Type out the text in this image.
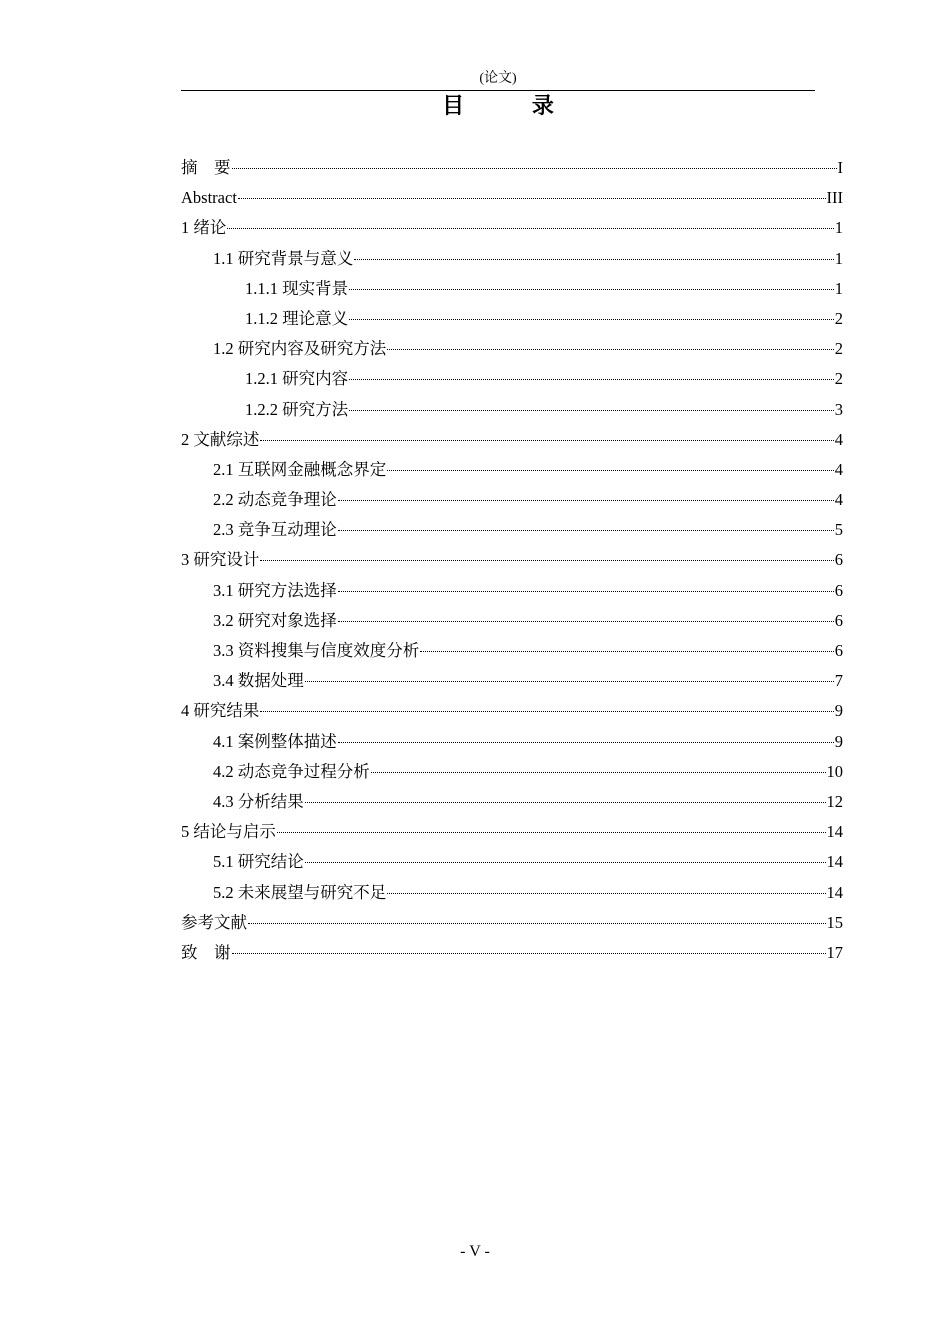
(论文)
目 录
摘　要	I
Abstract	III
1 绪论	1
1.1 研究背景与意义	1
1.1.1 现实背景	1
1.1.2 理论意义	2
1.2 研究内容及研究方法	2
1.2.1 研究内容	2
1.2.2 研究方法	3
2 文献综述	4
2.1 互联网金融概念界定	4
2.2 动态竞争理论	4
2.3 竞争互动理论	5
3 研究设计	6
3.1 研究方法选择	6
3.2 研究对象选择	6
3.3 资料搜集与信度效度分析	6
3.4 数据处理	7
4 研究结果	9
4.1 案例整体描述	9
4.2 动态竞争过程分析	10
4.3 分析结果	12
5 结论与启示	14
5.1 研究结论	14
5.2 未来展望与研究不足	14
参考文献	15
致　谢	17
- V -
